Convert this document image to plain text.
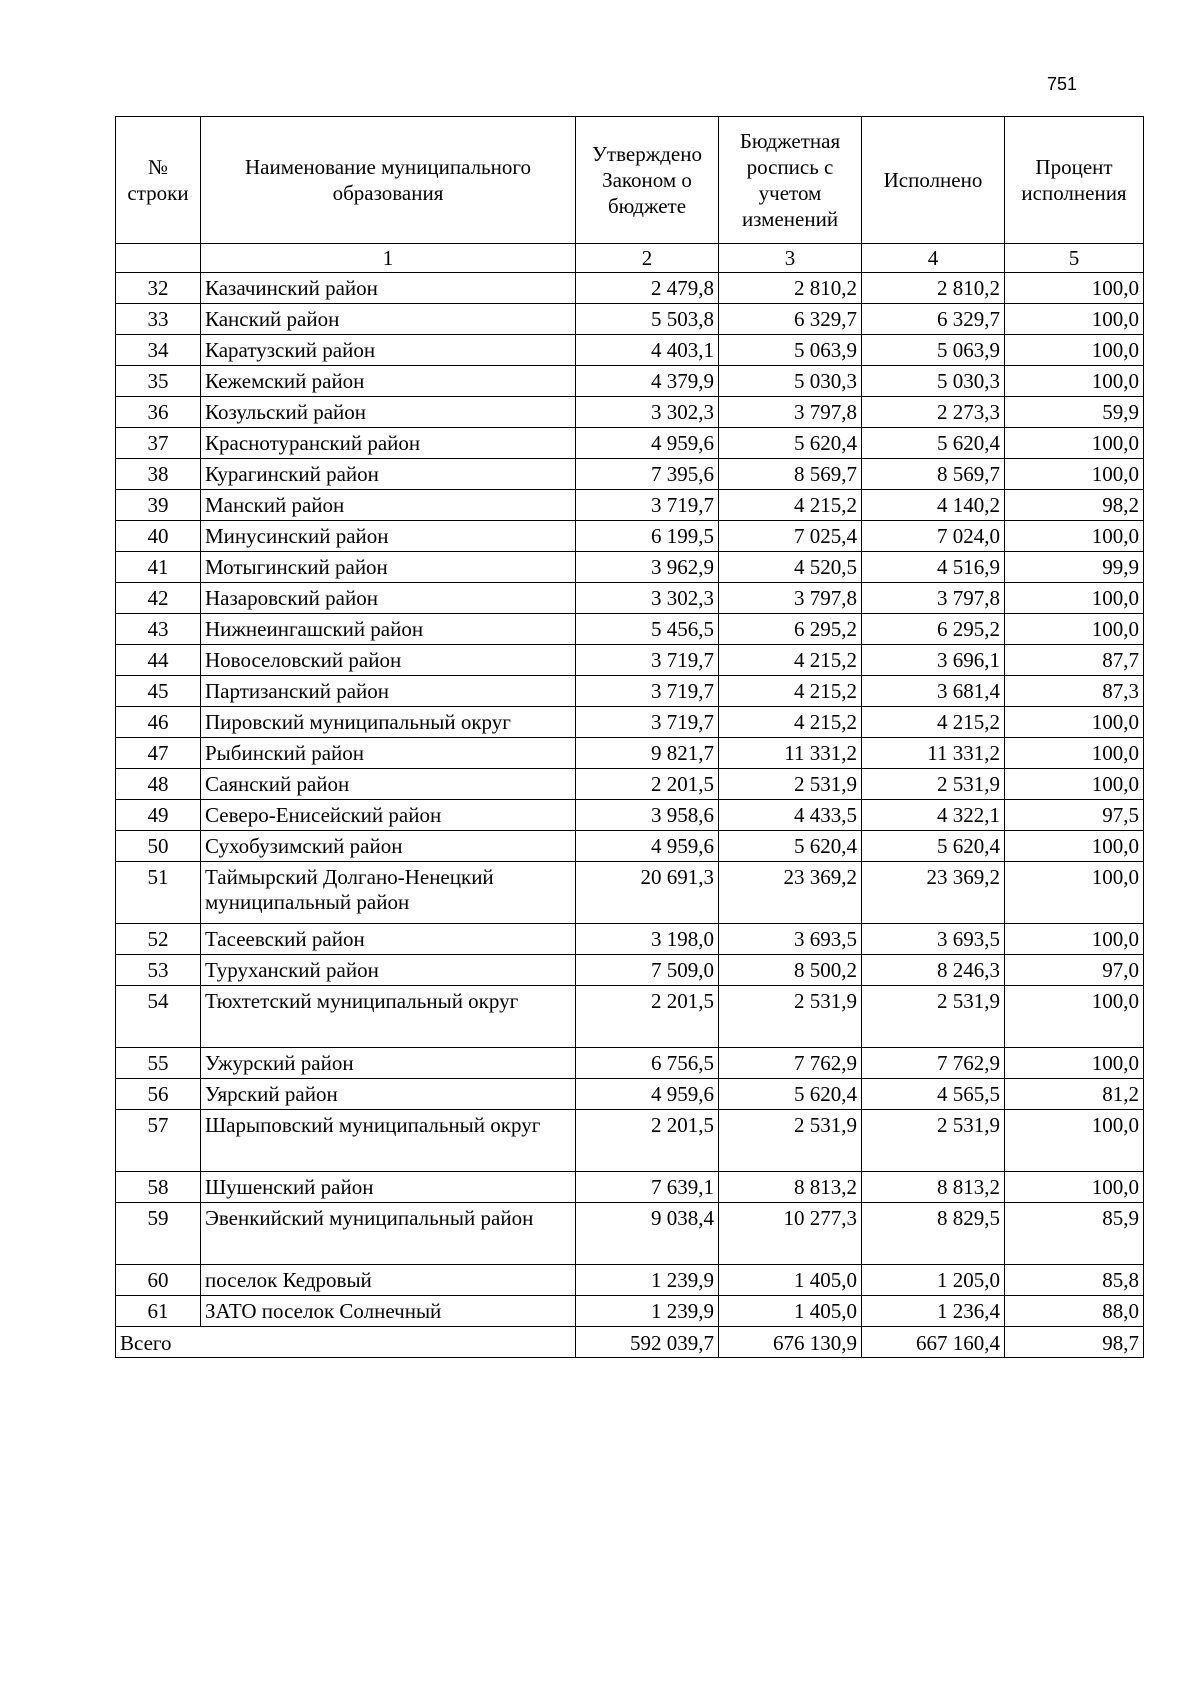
751
№ строки	Наименование муниципального образования	Утверждено Законом о бюджете	Бюджетная роспись с учетом изменений	Исполнено	Процент исполнения
	1	2	3	4	5
32	Казачинский район	2 479,8	2 810,2	2 810,2	100,0
33	Канский район	5 503,8	6 329,7	6 329,7	100,0
34	Каратузский район	4 403,1	5 063,9	5 063,9	100,0
35	Кежемский район	4 379,9	5 030,3	5 030,3	100,0
36	Козульский район	3 302,3	3 797,8	2 273,3	59,9
37	Краснотуранский район	4 959,6	5 620,4	5 620,4	100,0
38	Курагинский район	7 395,6	8 569,7	8 569,7	100,0
39	Манский район	3 719,7	4 215,2	4 140,2	98,2
40	Минусинский район	6 199,5	7 025,4	7 024,0	100,0
41	Мотыгинский район	3 962,9	4 520,5	4 516,9	99,9
42	Назаровский район	3 302,3	3 797,8	3 797,8	100,0
43	Нижнеингашский район	5 456,5	6 295,2	6 295,2	100,0
44	Новоселовский район	3 719,7	4 215,2	3 696,1	87,7
45	Партизанский район	3 719,7	4 215,2	3 681,4	87,3
46	Пировский муниципальный округ	3 719,7	4 215,2	4 215,2	100,0
47	Рыбинский район	9 821,7	11 331,2	11 331,2	100,0
48	Саянский район	2 201,5	2 531,9	2 531,9	100,0
49	Северо-Енисейский район	3 958,6	4 433,5	4 322,1	97,5
50	Сухобузимский район	4 959,6	5 620,4	5 620,4	100,0
51	Таймырский Долгано-Ненецкий муниципальный район	20 691,3	23 369,2	23 369,2	100,0
52	Тасеевский район	3 198,0	3 693,5	3 693,5	100,0
53	Туруханский район	7 509,0	8 500,2	8 246,3	97,0
54	Тюхтетский муниципальный округ	2 201,5	2 531,9	2 531,9	100,0
55	Ужурский район	6 756,5	7 762,9	7 762,9	100,0
56	Уярский район	4 959,6	5 620,4	4 565,5	81,2
57	Шарыповский муниципальный округ	2 201,5	2 531,9	2 531,9	100,0
58	Шушенский район	7 639,1	8 813,2	8 813,2	100,0
59	Эвенкийский муниципальный район	9 038,4	10 277,3	8 829,5	85,9
60	поселок Кедровый	1 239,9	1 405,0	1 205,0	85,8
61	ЗАТО поселок Солнечный	1 239,9	1 405,0	1 236,4	88,0
Всего		592 039,7	676 130,9	667 160,4	98,7
